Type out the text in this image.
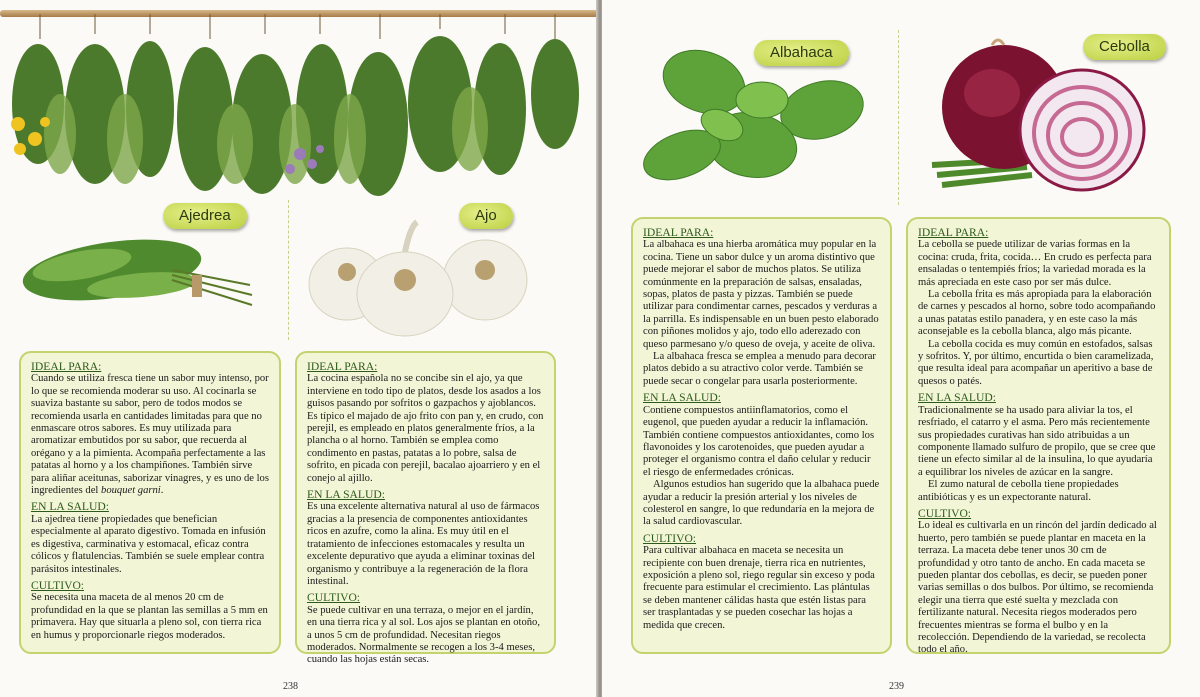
Ajedrea	Ajo
IDEAL PARA:

Cuando se utiliza fresca tiene un sabor muy intenso, por lo que se recomienda moderar su uso. Al cocinarla se suaviza bastante su sabor, pero de todos modos se recomienda usarla en cantidades limitadas para que no enmascare otros sabores. Es muy utilizada para aromatizar embutidos por su sabor, que recuerda al orégano y a la pimienta. Acompaña perfectamente a las patatas al horno y a los champiñones. También sirve para aliñar aceitunas, saborizar vinagres, y es uno de los ingredientes del bouquet garni.

EN LA SALUD:

La ajedrea tiene propiedades que benefician especialmente al aparato digestivo. Tomada en infusión es digestiva, carminativa y estomacal, eficaz contra cólicos y flatulencias. También se suele emplear contra parásitos intestinales.

CULTIVO:

Se necesita una maceta de al menos 20 cm de profundidad en la que se plantan las semillas a 5 mm en primavera. Hay que situarla a pleno sol, con tierra rica en humus y proporcionarle riegos moderados.

IDEAL PARA:

La cocina española no se concibe sin el ajo, ya que interviene en todo tipo de platos, desde los asados a los guisos pasando por sofritos o gazpachos y ajoblancos. Es típico el majado de ajo frito con pan y, en crudo, con perejil, es empleado en platos generalmente fríos, a la plancha o al horno. También se emplea como condimento en pastas, patatas a lo pobre, salsa de sofrito, en picada con perejil, bacalao ajoarriero y en el conejo al ajillo.

EN LA SALUD:

Es una excelente alternativa natural al uso de fármacos gracias a la presencia de componentes antioxidantes ricos en azufre, como la alina. Es muy útil en el tratamiento de infecciones estomacales y resulta un excelente depurativo que ayuda a eliminar toxinas del organismo y contribuye a la regeneración de la flora intestinal.

CULTIVO:

Se puede cultivar en una terraza, o mejor en el jardín, en una tierra rica y al sol. Los ajos se plantan en otoño, a unos 5 cm de profundidad. Necesitan riegos moderados. Normalmente se recogen a los 3-4 meses, cuando las hojas están secas.

238
Albahaca	Cebolla
IDEAL PARA:

La albahaca es una hierba aromática muy popular en la cocina. Tiene un sabor dulce y un aroma distintivo que puede mejorar el sabor de muchos platos. Se utiliza comúnmente en la preparación de salsas, ensaladas, sopas, platos de pasta y pizzas. También se puede utilizar para condimentar carnes, pescados y verduras a la parrilla. Es indispensable en un buen pesto elaborado con piñones molidos y ajo, todo ello aderezado con queso parmesano y/o queso de oveja, y aceite de oliva.

La albahaca fresca se emplea a menudo para decorar platos debido a su atractivo color verde. También se puede secar o congelar para usarla posteriormente.

EN LA SALUD:

Contiene compuestos antiinflamatorios, como el eugenol, que pueden ayudar a reducir la inflamación. También contiene compuestos antioxidantes, como los flavonoides y los carotenoides, que pueden ayudar a proteger el organismo contra el daño celular y reducir el riesgo de enfermedades crónicas.

Algunos estudios han sugerido que la albahaca puede ayudar a reducir la presión arterial y los niveles de colesterol en sangre, lo que redundaría en la mejora de la salud cardiovascular.

CULTIVO:

Para cultivar albahaca en maceta se necesita un recipiente con buen drenaje, tierra rica en nutrientes, exposición a pleno sol, riego regular sin exceso y poda frecuente para estimular el crecimiento. Las plántulas se deben mantener cálidas hasta que estén listas para ser trasplantadas y se pueden cosechar las hojas a medida que crecen.

IDEAL PARA:

La cebolla se puede utilizar de varias formas en la cocina: cruda, frita, cocida… En crudo es perfecta para ensaladas o tentempiés fríos; la variedad morada es la más apreciada en este caso por ser más dulce.

La cebolla frita es más apropiada para la elaboración de carnes y pescados al horno, sobre todo acompañando a unas patatas estilo panadera, y en este caso la más aconsejable es la cebolla blanca, algo más picante.

La cebolla cocida es muy común en estofados, salsas y sofritos. Y, por último, encurtida o bien caramelizada, que resulta ideal para acompañar un aperitivo a base de quesos o patés.

EN LA SALUD:

Tradicionalmente se ha usado para aliviar la tos, el resfriado, el catarro y el asma. Pero más recientemente sus propiedades curativas han sido atribuidas a un componente llamado sulfuro de propilo, que se cree que tiene un efecto similar al de la insulina, lo que ayudaría a equilibrar los niveles de azúcar en la sangre.

El zumo natural de cebolla tiene propiedades antibióticas y es un expectorante natural.

CULTIVO:

Lo ideal es cultivarla en un rincón del jardín dedicado al huerto, pero también se puede plantar en maceta en la terraza. La maceta debe tener unos 30 cm de profundidad y otro tanto de ancho. En cada maceta se pueden plantar dos cebollas, es decir, se pueden poner varias semillas o dos bulbos. Por último, se recomienda elegir una tierra que esté suelta y mezclada con fertilizante natural. Necesita riegos moderados pero frecuentes mientras se forma el bulbo y en la recolección. Dependiendo de la variedad, se recolecta todo el año.

239
